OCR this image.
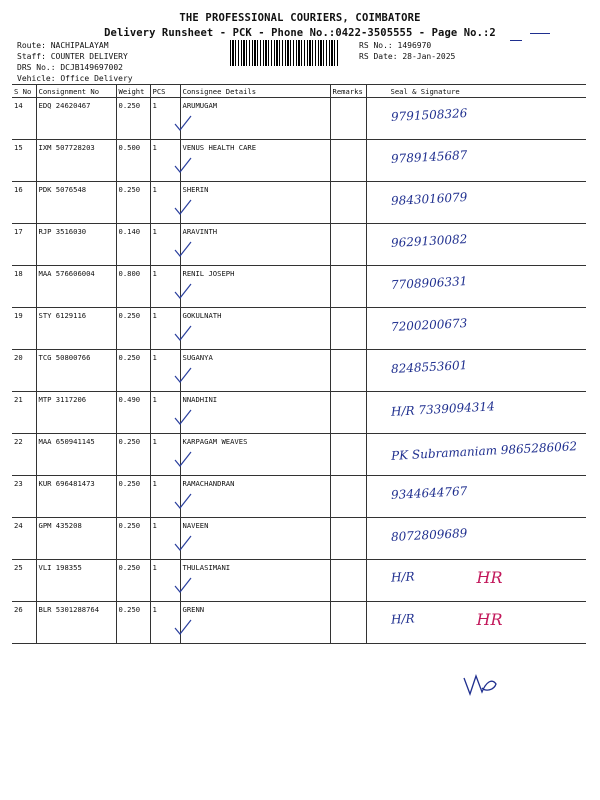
THE PROFESSIONAL COURIERS, COIMBATORE
Delivery Runsheet - PCK - Phone No.:0422-3505555 - Page No.:2
Route: NACHIPALAYAM
Staff: COUNTER DELIVERY
DRS No.: DCJB149697002
Vehicle: Office Delivery
RS No.: 1496970
RS Date: 28-Jan-2025
S No	Consignment No	Weight	PCS	Consignee Details	Remarks	Seal & Signature
14	EDQ 24620467	0.250	1	ARUMUGAM		9791508326

15	IXM 507728203	0.500	1	VENUS HEALTH CARE		9789145687

16	PDK 5076548	0.250	1	SHERIN		9843016079

17	RJP 3516030	0.140	1	ARAVINTH		9629130082

18	MAA 576606004	0.800	1	RENIL JOSEPH		7708906331

19	STY 6129116	0.250	1	GOKULNATH		7200200673

20	TCG 50800766	0.250	1	SUGANYA		8248553601

21	MTP 3117206	0.490	1	NNADHINI		H/R 7339094314

22	MAA 650941145	0.250	1	KARPAGAM WEAVES		PK Subramaniam 9865286062

23	KUR 696481473	0.250	1	RAMACHANDRAN		9344644767

24	GPM 435208	0.250	1	NAVEEN		8072809689

25	VLI 198355	0.250	1	THULASIMANI		H/R HR

26	BLR 5301288764	0.250	1	GRENN		H/R HR
